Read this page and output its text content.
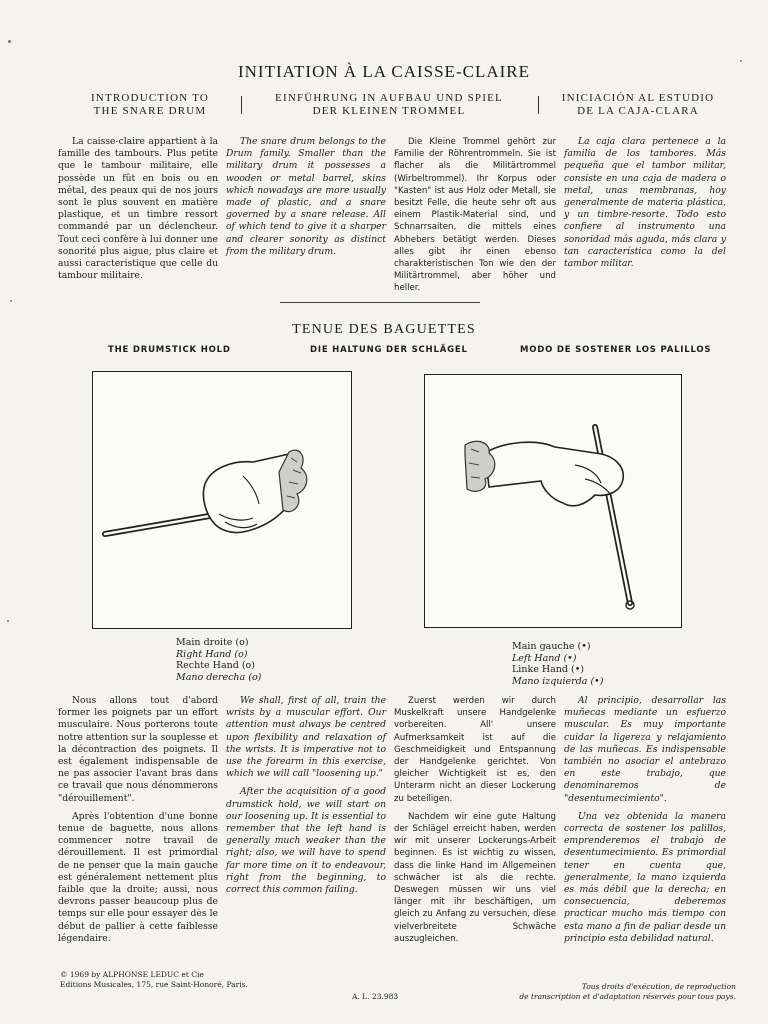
INITIATION À LA CAISSE-CLAIRE
INTRODUCTION TO
THE SNARE DRUM
EINFÜHRUNG IN AUFBAU UND SPIEL
DER KLEINEN TROMMEL
INICIACIÓN AL ESTUDIO
DE LA CAJA-CLARA

La caisse-claire appartient à la famille des tambours. Plus petite que le tambour militaire, elle possède un fût en bois ou en métal, des peaux qui de nos jours sont le plus souvent en matière plastique, et un timbre ressort commandé par un déclencheur. Tout ceci confère à lui donner une sonorité plus aigue, plus claire et aussi caracteristique que celle du tambour militaire.

The snare drum belongs to the Drum family. Smaller than the military drum it possesses a wooden or metal barrel, skins which nowadays are more usually made of plastic, and a snare governed by a snare release. All of which tend to give it a sharper and clearer sonority as distinct from the military drum.

Die Kleine Trommel gehört zur Familie der Röhrentrommeln. Sie ist flacher als die Militärtrommel (Wirbeltrommel). Ihr Korpus oder "Kasten" ist aus Holz oder Metall, sie besitzt Felle, die heute sehr oft aus einem Plastik-Material sind, und Schnarrsaiten, die mittels eines Abhebers betätigt werden. Dieses alles gibt ihr einen ebenso charakteristischen Ton wie den der Militärtrommel, aber höher und heller.

La caja clara pertenece a la familia de los tambores. Más pequeña que el tambor militar, consiste en una caja de madera o metal, unas membranas, hoy generalmente de materia plástica, y un timbre-resorte. Todo esto confiere al instrumento una sonoridad más aguda, más clara y tan característica como la del tambor militar.

TENUE DES BAGUETTES
THE DRUMSTICK HOLD	DIE HALTUNG DER SCHLÄGEL	MODO DE SOSTENER LOS PALILLOS
Main droite (o)
Right Hand (o)
Rechte Hand (o)
Mano derecha (o)
Main gauche (•)
Left Hand (•)
Linke Hand (•)
Mano izquierda (•)

Nous allons tout d'abord former les poignets par un effort musculaire. Nous porterons toute notre attention sur la souplesse et la décontraction des poignets. Il est également indispensable de ne pas associer l'avant bras dans ce travail que nous dénommerons "dérouillement".

Après l'obtention d'une bonne tenue de baguette, nous allons commencer notre travail de dérouillement. Il est primordial de ne penser que la main gauche est généralement nettement plus faible que la droite; aussi, nous devrons passer beaucoup plus de temps sur elle pour essayer dès le début de pallier à cette faiblesse légendaire.

We shall, first of all, train the wrists by a muscular effort. Our attention must always be centred upon flexibility and relaxation of the wrists. It is imperative not to use the forearm in this exercise, which we will call "loosening up."

After the acquisition of a good drumstick hold, we will start on our loosening up. It is essential to remember that the left hand is generally much weaker than the right; also, we will have to spend far more time on it to endeavour, right from the beginning, to correct this common failing.

Zuerst werden wir durch Muskelkraft unsere Handgelenke vorbereiten. All' unsere Aufmerksamkeit ist auf die Geschmeidigkeit und Entspannung der Handgelenke gerichtet. Von gleicher Wichtigkeit ist es, den Unterarm nicht an dieser Lockerung zu beteiligen.

Nachdem wir eine gute Haltung der Schlägel erreicht haben, werden wir mit unserer Lockerungs-Arbeit beginnen. Es ist wichtig zu wissen, dass die linke Hand im Allgemeinen schwächer ist als die rechte. Deswegen müssen wir uns viel länger mit ihr beschäftigen, um gleich zu Anfang zu versuchen, diese vielverbreitete Schwäche auszugleichen.

Al principio, desarrollar las muñecas mediante un esfuerzo muscular. Es muy importante cuidar la ligereza y relajamiento de las muñecas. Es indispensable también no asociar el antebrazo en este trabajo, que denominaremos de "desentumecimiento".

Una vez obtenida la manera correcta de sostener los palillos, emprenderemos el trabajo de desentumecimiento. Es primordial tener en cuenta que, generalmente, la mano izquierda es más débil que la derecha; en consecuencia, deberemos practicar mucho más tiempo con esta mano a fin de paliar desde un principio esta debilidad natural.

© 1969 by ALPHONSE LEDUC et Cie
Editions Musicales, 175, rue Saint-Honoré, Paris.
A. L. 23.983
Tous droits d'exécution, de reproduction
de transcription et d'adaptation réservés pour tous pays.
